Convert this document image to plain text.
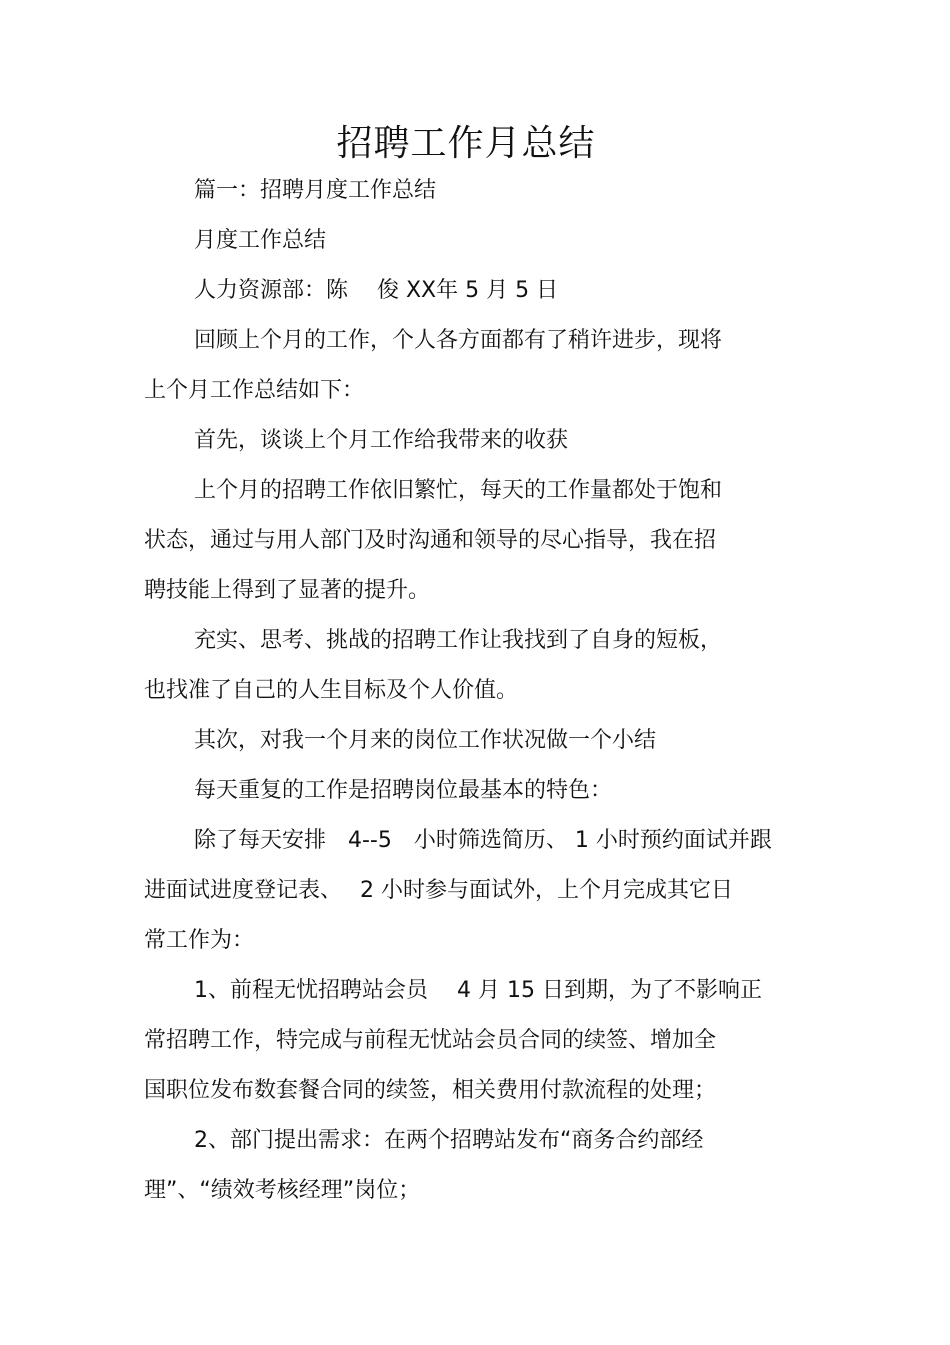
招聘工作月总结
篇一：招聘月度工作总结
月度工作总结
人力资源部：陈　 俊 XX年 5 月 5 日
回顾上个月的工作，个人各方面都有了稍许进步，现将
上个月工作总结如下：
首先，谈谈上个月工作给我带来的收获
上个月的招聘工作依旧繁忙，每天的工作量都处于饱和
状态，通过与用人部门及时沟通和领导的尽心指导，我在招
聘技能上得到了显著的提升。
充实、思考、挑战的招聘工作让我找到了自身的短板，
也找准了自己的人生目标及个人价值。
其次，对我一个月来的岗位工作状况做一个小结
每天重复的工作是招聘岗位最基本的特色：
除了每天安排　4--5　小时筛选简历、 1 小时预约面试并跟
进面试进度登记表、　 2 小时参与面试外，上个月完成其它日
常工作为：
1、前程无忧招聘站会员　 4 月 15 日到期，为了不影响正
常招聘工作，特完成与前程无忧站会员合同的续签、增加全
国职位发布数套餐合同的续签，相关费用付款流程的处理；
2、部门提出需求：在两个招聘站发布“商务合约部经
理”、“绩效考核经理”岗位；
